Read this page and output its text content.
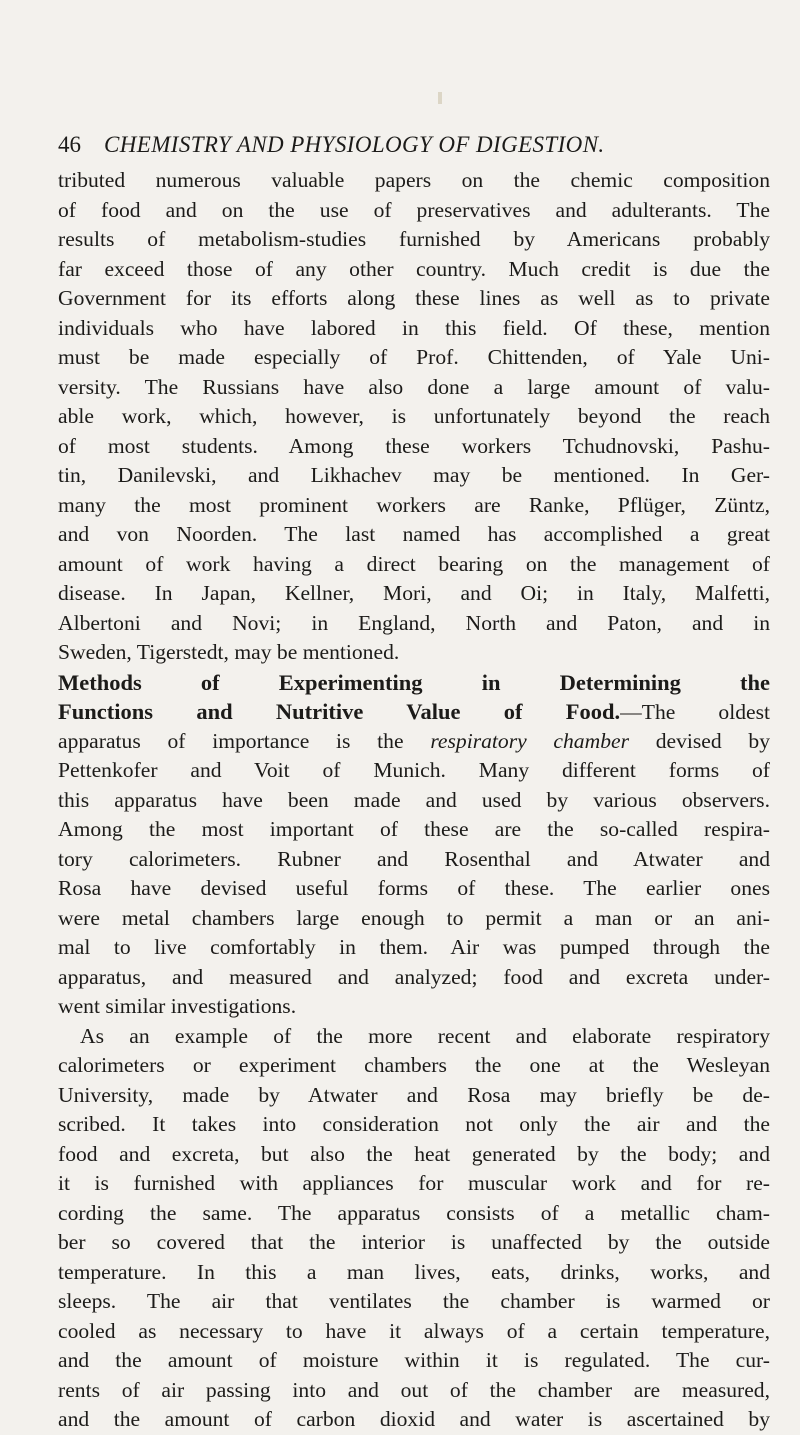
46 CHEMISTRY AND PHYSIOLOGY OF DIGESTION.
tributed numerous valuable papers on the chemic composition
of food and on the use of preservatives and adulterants. The
results of metabolism-studies furnished by Americans probably
far exceed those of any other country. Much credit is due the
Government for its efforts along these lines as well as to private
individuals who have labored in this field. Of these, mention
must be made especially of Prof. Chittenden, of Yale Uni-
versity. The Russians have also done a large amount of valu-
able work, which, however, is unfortunately beyond the reach
of most students. Among these workers Tchudnovski, Pashu-
tin, Danilevski, and Likhachev may be mentioned. In Ger-
many the most prominent workers are Ranke, Pflüger, Züntz,
and von Noorden. The last named has accomplished a great
amount of work having a direct bearing on the management of
disease. In Japan, Kellner, Mori, and Oi; in Italy, Malfetti,
Albertoni and Novi; in England, North and Paton, and in
Sweden, Tigerstedt, may be mentioned.
Methods of Experimenting in Determining the
Functions and Nutritive Value of Food.—The oldest
apparatus of importance is the respiratory chamber devised by
Pettenkofer and Voit of Munich. Many different forms of
this apparatus have been made and used by various observers.
Among the most important of these are the so-called respira-
tory calorimeters. Rubner and Rosenthal and Atwater and
Rosa have devised useful forms of these. The earlier ones
were metal chambers large enough to permit a man or an ani-
mal to live comfortably in them. Air was pumped through the
apparatus, and measured and analyzed; food and excreta under-
went similar investigations.
As an example of the more recent and elaborate respiratory
calorimeters or experiment chambers the one at the Wesleyan
University, made by Atwater and Rosa may briefly be de-
scribed. It takes into consideration not only the air and the
food and excreta, but also the heat generated by the body; and
it is furnished with appliances for muscular work and for re-
cording the same. The apparatus consists of a metallic cham-
ber so covered that the interior is unaffected by the outside
temperature. In this a man lives, eats, drinks, works, and
sleeps. The air that ventilates the chamber is warmed or
cooled as necessary to have it always of a certain temperature,
and the amount of moisture within it is regulated. The cur-
rents of air passing into and out of the chamber are measured,
and the amount of carbon dioxid and water is ascertained by
